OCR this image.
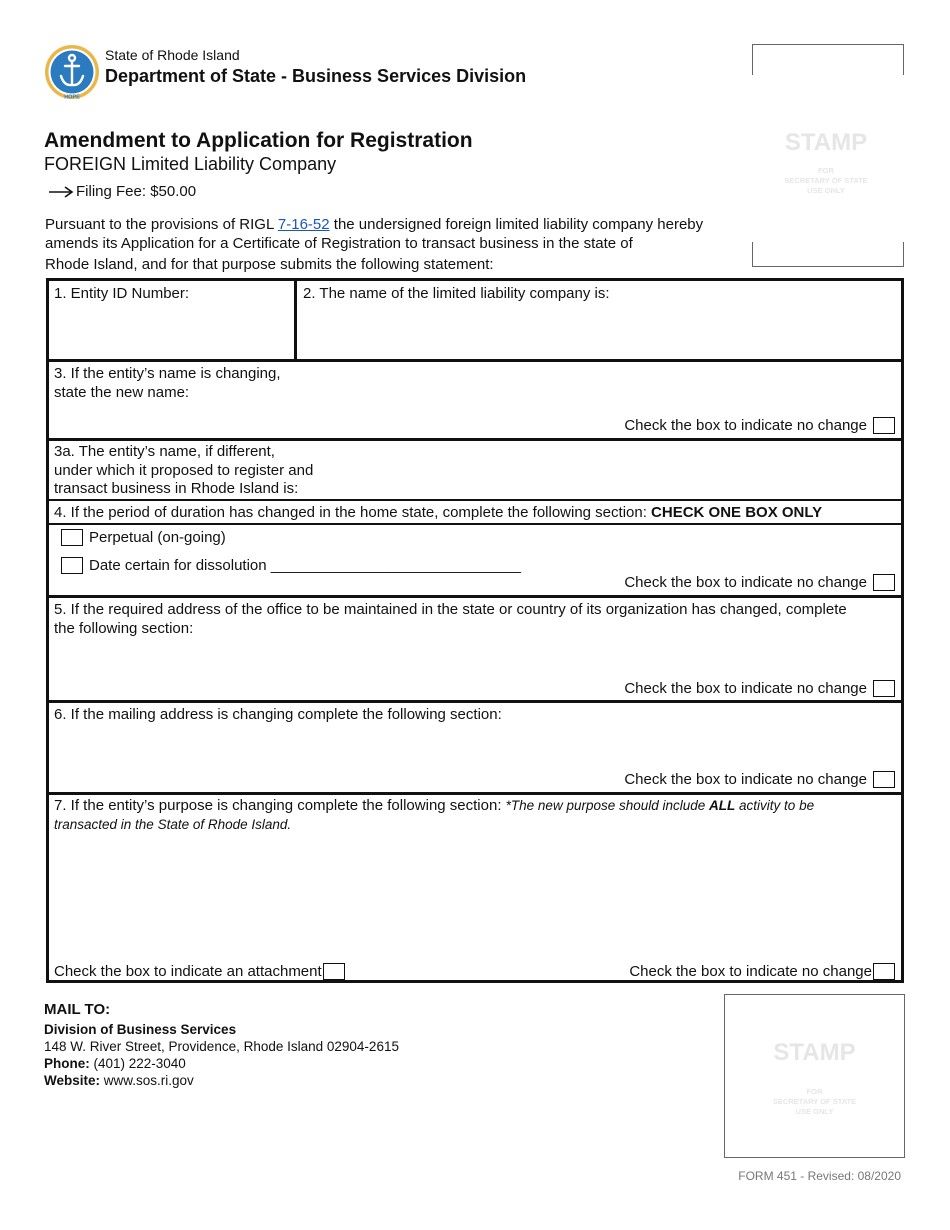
HOPE
State of Rhode Island
Department of State - Business Services Division
STAMP
FOR
SECRETARY OF STATE
USE ONLY
Amendment to Application for Registration
FOREIGN Limited Liability Company
Filing Fee: $50.00
Pursuant to the provisions of RIGL 7-16-52 the undersigned foreign limited liability company hereby
amends its Application for a Certificate of Registration to transact business in the state of
Rhode Island, and for that purpose submits the following statement:
1. Entity ID Number:	2. The name of the limited liability company is:
3. If the entity’s name is changing,
state the new name:
Check the box to indicate no change
3a. The entity’s name, if different,
under which it proposed to register and
transact business in Rhode Island is:
4. If the period of duration has changed in the home state, complete the following section: CHECK ONE BOX ONLY
Perpetual (on-going)
Date certain for dissolution ______________________________
Check the box to indicate no change
5. If the required address of the office to be maintained in the state or country of its organization has changed, complete
the following section:
Check the box to indicate no change
6. If the mailing address is changing complete the following section:
Check the box to indicate no change
7. If the entity’s purpose is changing complete the following section: *The new purpose should include ALL activity to be
transacted in the State of Rhode Island.
Check the box to indicate an attachment	Check the box to indicate no change
MAIL TO:
Division of Business Services
148 W. River Street, Providence, Rhode Island 02904-2615
Phone: (401) 222-3040
Website: www.sos.ri.gov
STAMP
FOR
SECRETARY OF STATE
USE ONLY
FORM 451 - Revised: 08/2020
